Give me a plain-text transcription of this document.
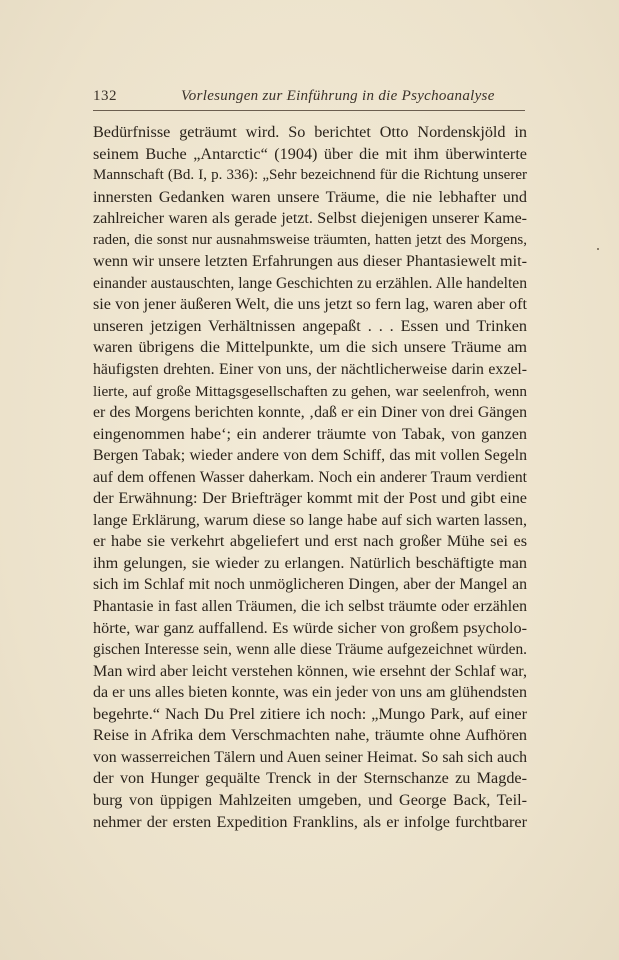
132	Vorlesungen zur Einführung in die Psychoanalyse
Bedürfnisse geträumt wird. So berichtet Otto Nordenskjöld in
seinem Buche „Antarctic“ (1904) über die mit ihm überwinterte
Mannschaft (Bd. I, p. 336): „Sehr bezeichnend für die Richtung unserer
innersten Gedanken waren unsere Träume, die nie lebhafter und
zahlreicher waren als gerade jetzt. Selbst diejenigen unserer Kame-
raden, die sonst nur ausnahmsweise träumten, hatten jetzt des Morgens,
wenn wir unsere letzten Erfahrungen aus dieser Phantasiewelt mit-
einander austauschten, lange Geschichten zu erzählen. Alle handelten
sie von jener äußeren Welt, die uns jetzt so fern lag, waren aber oft
unseren jetzigen Verhältnissen angepaßt . . . Essen und Trinken
waren übrigens die Mittelpunkte, um die sich unsere Träume am
häufigsten drehten. Einer von uns, der nächtlicherweise darin exzel-
lierte, auf große Mittagsgesellschaften zu gehen, war seelenfroh, wenn
er des Morgens berichten konnte, ‚daß er ein Diner von drei Gängen
eingenommen habe‘; ein anderer träumte von Tabak, von ganzen
Bergen Tabak; wieder andere von dem Schiff, das mit vollen Segeln
auf dem offenen Wasser daherkam. Noch ein anderer Traum verdient
der Erwähnung: Der Briefträger kommt mit der Post und gibt eine
lange Erklärung, warum diese so lange habe auf sich warten lassen,
er habe sie verkehrt abgeliefert und erst nach großer Mühe sei es
ihm gelungen, sie wieder zu erlangen. Natürlich beschäftigte man
sich im Schlaf mit noch unmöglicheren Dingen, aber der Mangel an
Phantasie in fast allen Träumen, die ich selbst träumte oder erzählen
hörte, war ganz auffallend. Es würde sicher von großem psycholo-
gischen Interesse sein, wenn alle diese Träume aufgezeichnet würden.
Man wird aber leicht verstehen können, wie ersehnt der Schlaf war,
da er uns alles bieten konnte, was ein jeder von uns am glühendsten
begehrte.“ Nach Du Prel zitiere ich noch: „Mungo Park, auf einer
Reise in Afrika dem Verschmachten nahe, träumte ohne Aufhören
von wasserreichen Tälern und Auen seiner Heimat. So sah sich auch
der von Hunger gequälte Trenck in der Sternschanze zu Magde-
burg von üppigen Mahlzeiten umgeben, und George Back, Teil-
nehmer der ersten Expedition Franklins, als er infolge furchtbarer
